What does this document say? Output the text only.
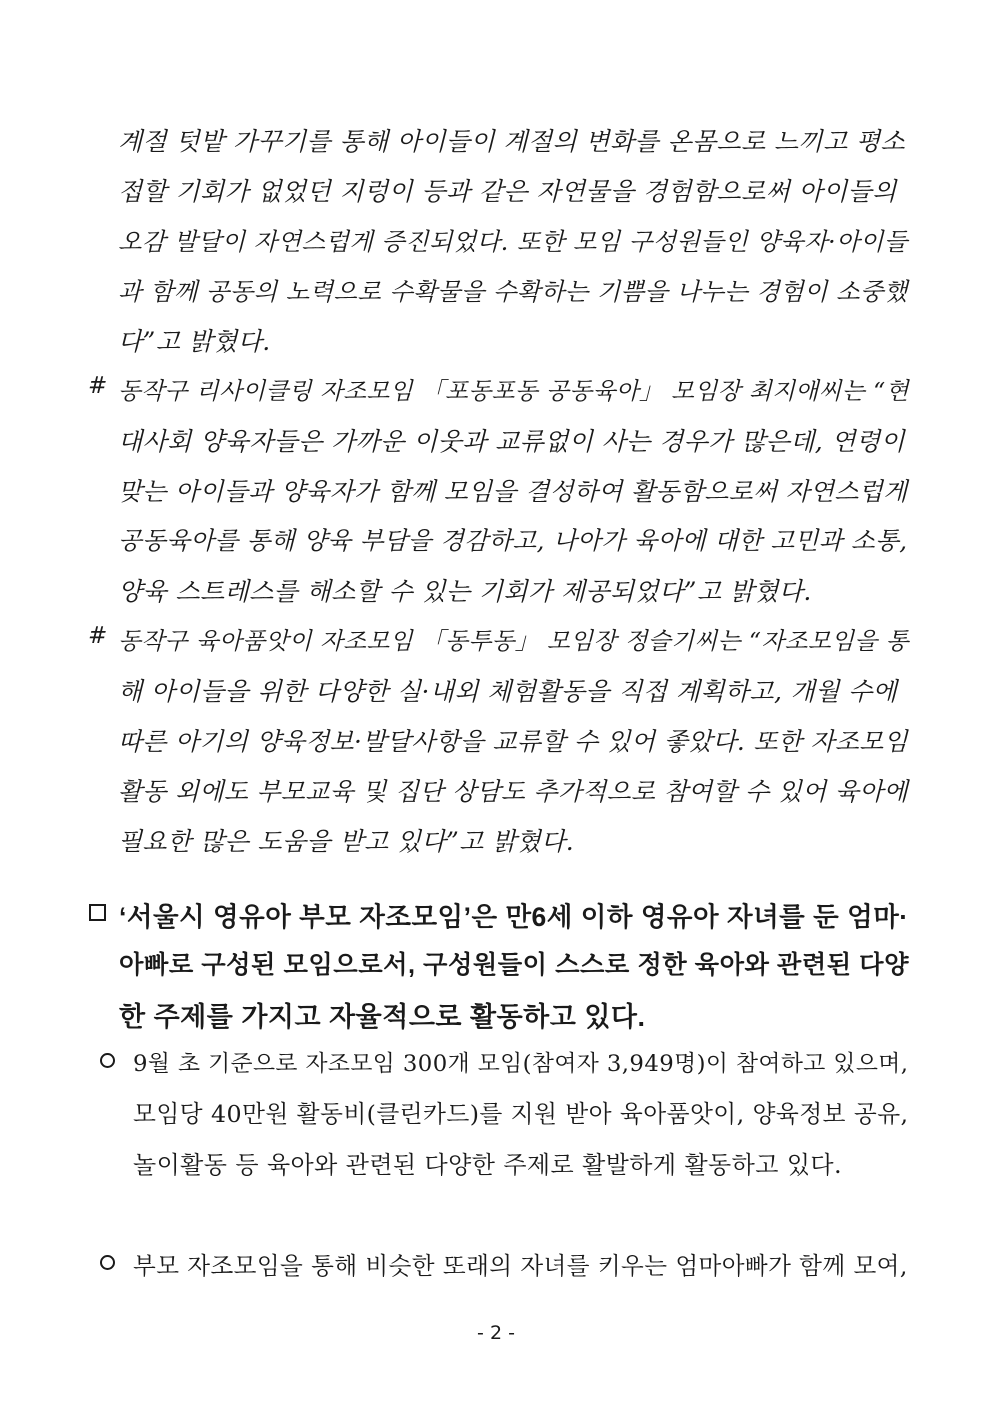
계절 텃밭 가꾸기를 통해 아이들이 계절의 변화를 온몸으로 느끼고 평소
접할 기회가 없었던 지렁이 등과 같은 자연물을 경험함으로써 아이들의
오감 발달이 자연스럽게 증진되었다. 또한 모임 구성원들인 양육자·아이들
과 함께 공동의 노력으로 수확물을 수확하는 기쁨을 나누는 경험이 소중했
다”고 밝혔다.
# 동작구 리사이클링 자조모임 「포동포동 공동육아」 모임장 최지애씨는 “현
대사회 양육자들은 가까운 이웃과 교류없이 사는 경우가 많은데, 연령이
맞는 아이들과 양육자가 함께 모임을 결성하여 활동함으로써 자연스럽게
공동육아를 통해 양육 부담을 경감하고, 나아가 육아에 대한 고민과 소통,
양육 스트레스를 해소할 수 있는 기회가 제공되었다”고 밝혔다.
# 동작구 육아품앗이 자조모임 「동투동」 모임장 정슬기씨는 “자조모임을 통
해 아이들을 위한 다양한 실·내외 체험활동을 직접 계획하고, 개월 수에
따른 아기의 양육정보·발달사항을 교류할 수 있어 좋았다. 또한 자조모임
활동 외에도 부모교육 및 집단 상담도 추가적으로 참여할 수 있어 육아에
필요한 많은 도움을 받고 있다”고 밝혔다.
‘서울시 영유아 부모 자조모임’은 만6세 이하 영유아 자녀를 둔 엄마·
아빠로 구성된 모임으로서, 구성원들이 스스로 정한 육아와 관련된 다양
한 주제를 가지고 자율적으로 활동하고 있다.
9월 초 기준으로 자조모임 300개 모임(참여자 3,949명)이 참여하고 있으며,
모임당 40만원 활동비(클린카드)를 지원 받아 육아품앗이, 양육정보 공유,
놀이활동 등 육아와 관련된 다양한 주제로 활발하게 활동하고 있다.
부모 자조모임을 통해 비슷한 또래의 자녀를 키우는 엄마아빠가 함께 모여,
- 2 -
